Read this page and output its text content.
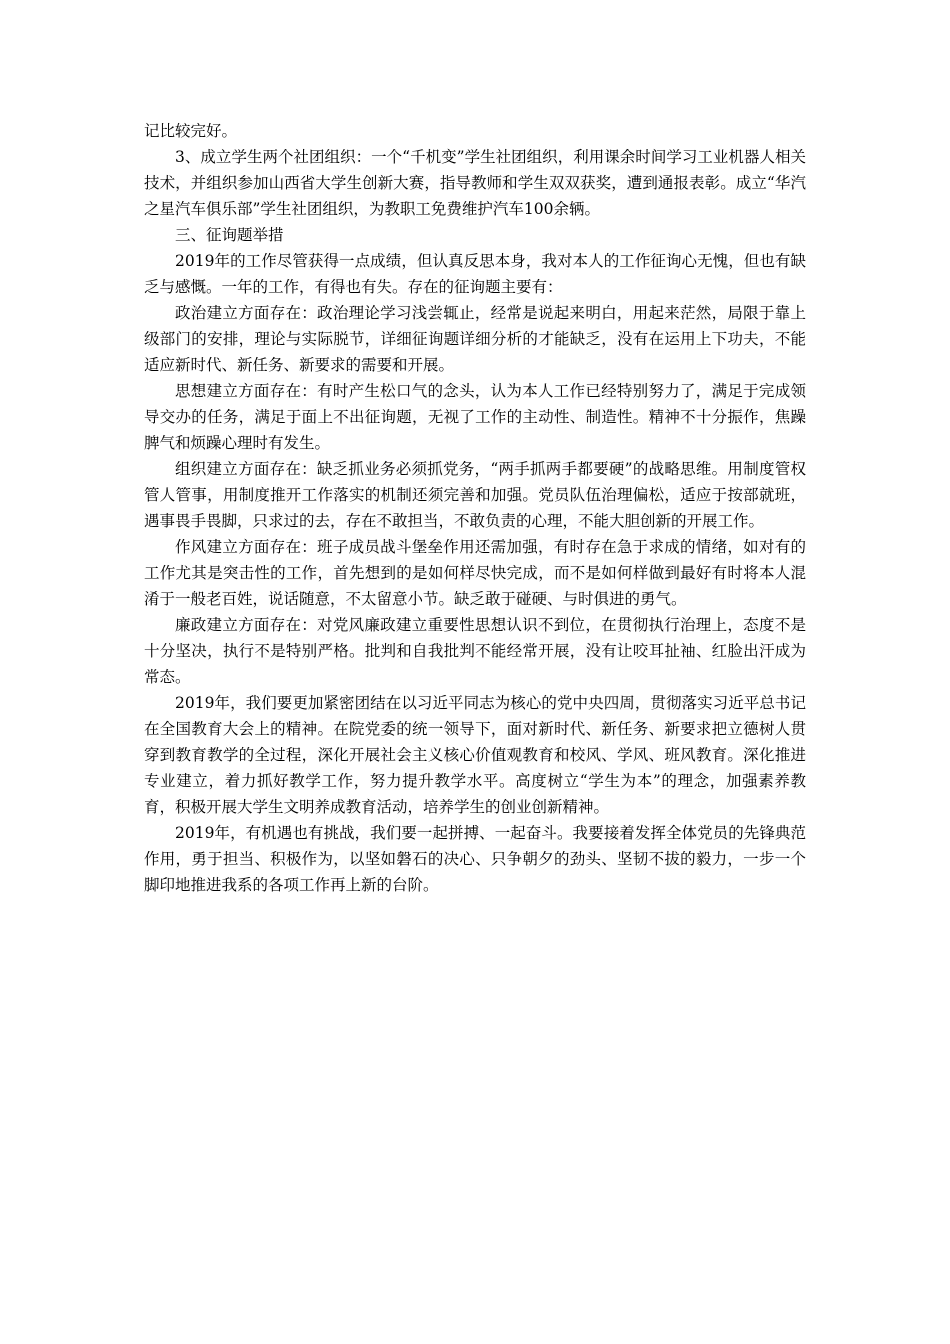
记比较完好。

3、成立学生两个社团组织：一个“千机变”学生社团组织，利用课余时间学习工业机器人相关技术，并组织参加山西省大学生创新大赛，指导教师和学生双双获奖，遭到通报表彰。成立“华汽之星汽车俱乐部”学生社团组织，为教职工免费维护汽车100余辆。

三、征询题举措

2019年的工作尽管获得一点成绩，但认真反思本身，我对本人的工作征询心无愧，但也有缺乏与感慨。一年的工作，有得也有失。存在的征询题主要有：

政治建立方面存在：政治理论学习浅尝辄止，经常是说起来明白，用起来茫然，局限于靠上级部门的安排，理论与实际脱节，详细征询题详细分析的才能缺乏，没有在运用上下功夫，不能适应新时代、新任务、新要求的需要和开展。

思想建立方面存在：有时产生松口气的念头，认为本人工作已经特别努力了，满足于完成领导交办的任务，满足于面上不出征询题，无视了工作的主动性、制造性。精神不十分振作，焦躁脾气和烦躁心理时有发生。

组织建立方面存在：缺乏抓业务必须抓党务，“两手抓两手都要硬”的战略思维。用制度管权管人管事，用制度推开工作落实的机制还须完善和加强。党员队伍治理偏松，适应于按部就班，遇事畏手畏脚，只求过的去，存在不敢担当，不敢负责的心理，不能大胆创新的开展工作。

作风建立方面存在：班子成员战斗堡垒作用还需加强，有时存在急于求成的情绪，如对有的工作尤其是突击性的工作，首先想到的是如何样尽快完成，而不是如何样做到最好有时将本人混淆于一般老百姓，说话随意，不太留意小节。缺乏敢于碰硬、与时俱进的勇气。

廉政建立方面存在：对党风廉政建立重要性思想认识不到位，在贯彻执行治理上，态度不是十分坚决，执行不是特别严格。批判和自我批判不能经常开展，没有让咬耳扯袖、红脸出汗成为常态。

2019年，我们要更加紧密团结在以习近平同志为核心的党中央四周，贯彻落实习近平总书记在全国教育大会上的精神。在院党委的统一领导下，面对新时代、新任务、新要求把立德树人贯穿到教育教学的全过程，深化开展社会主义核心价值观教育和校风、学风、班风教育。深化推进专业建立，着力抓好教学工作，努力提升教学水平。高度树立“学生为本”的理念，加强素养教育，积极开展大学生文明养成教育活动，培养学生的创业创新精神。

2019年，有机遇也有挑战，我们要一起拼搏、一起奋斗。我要接着发挥全体党员的先锋典范作用，勇于担当、积极作为，以坚如磐石的决心、只争朝夕的劲头、坚韧不拔的毅力，一步一个脚印地推进我系的各项工作再上新的台阶。
